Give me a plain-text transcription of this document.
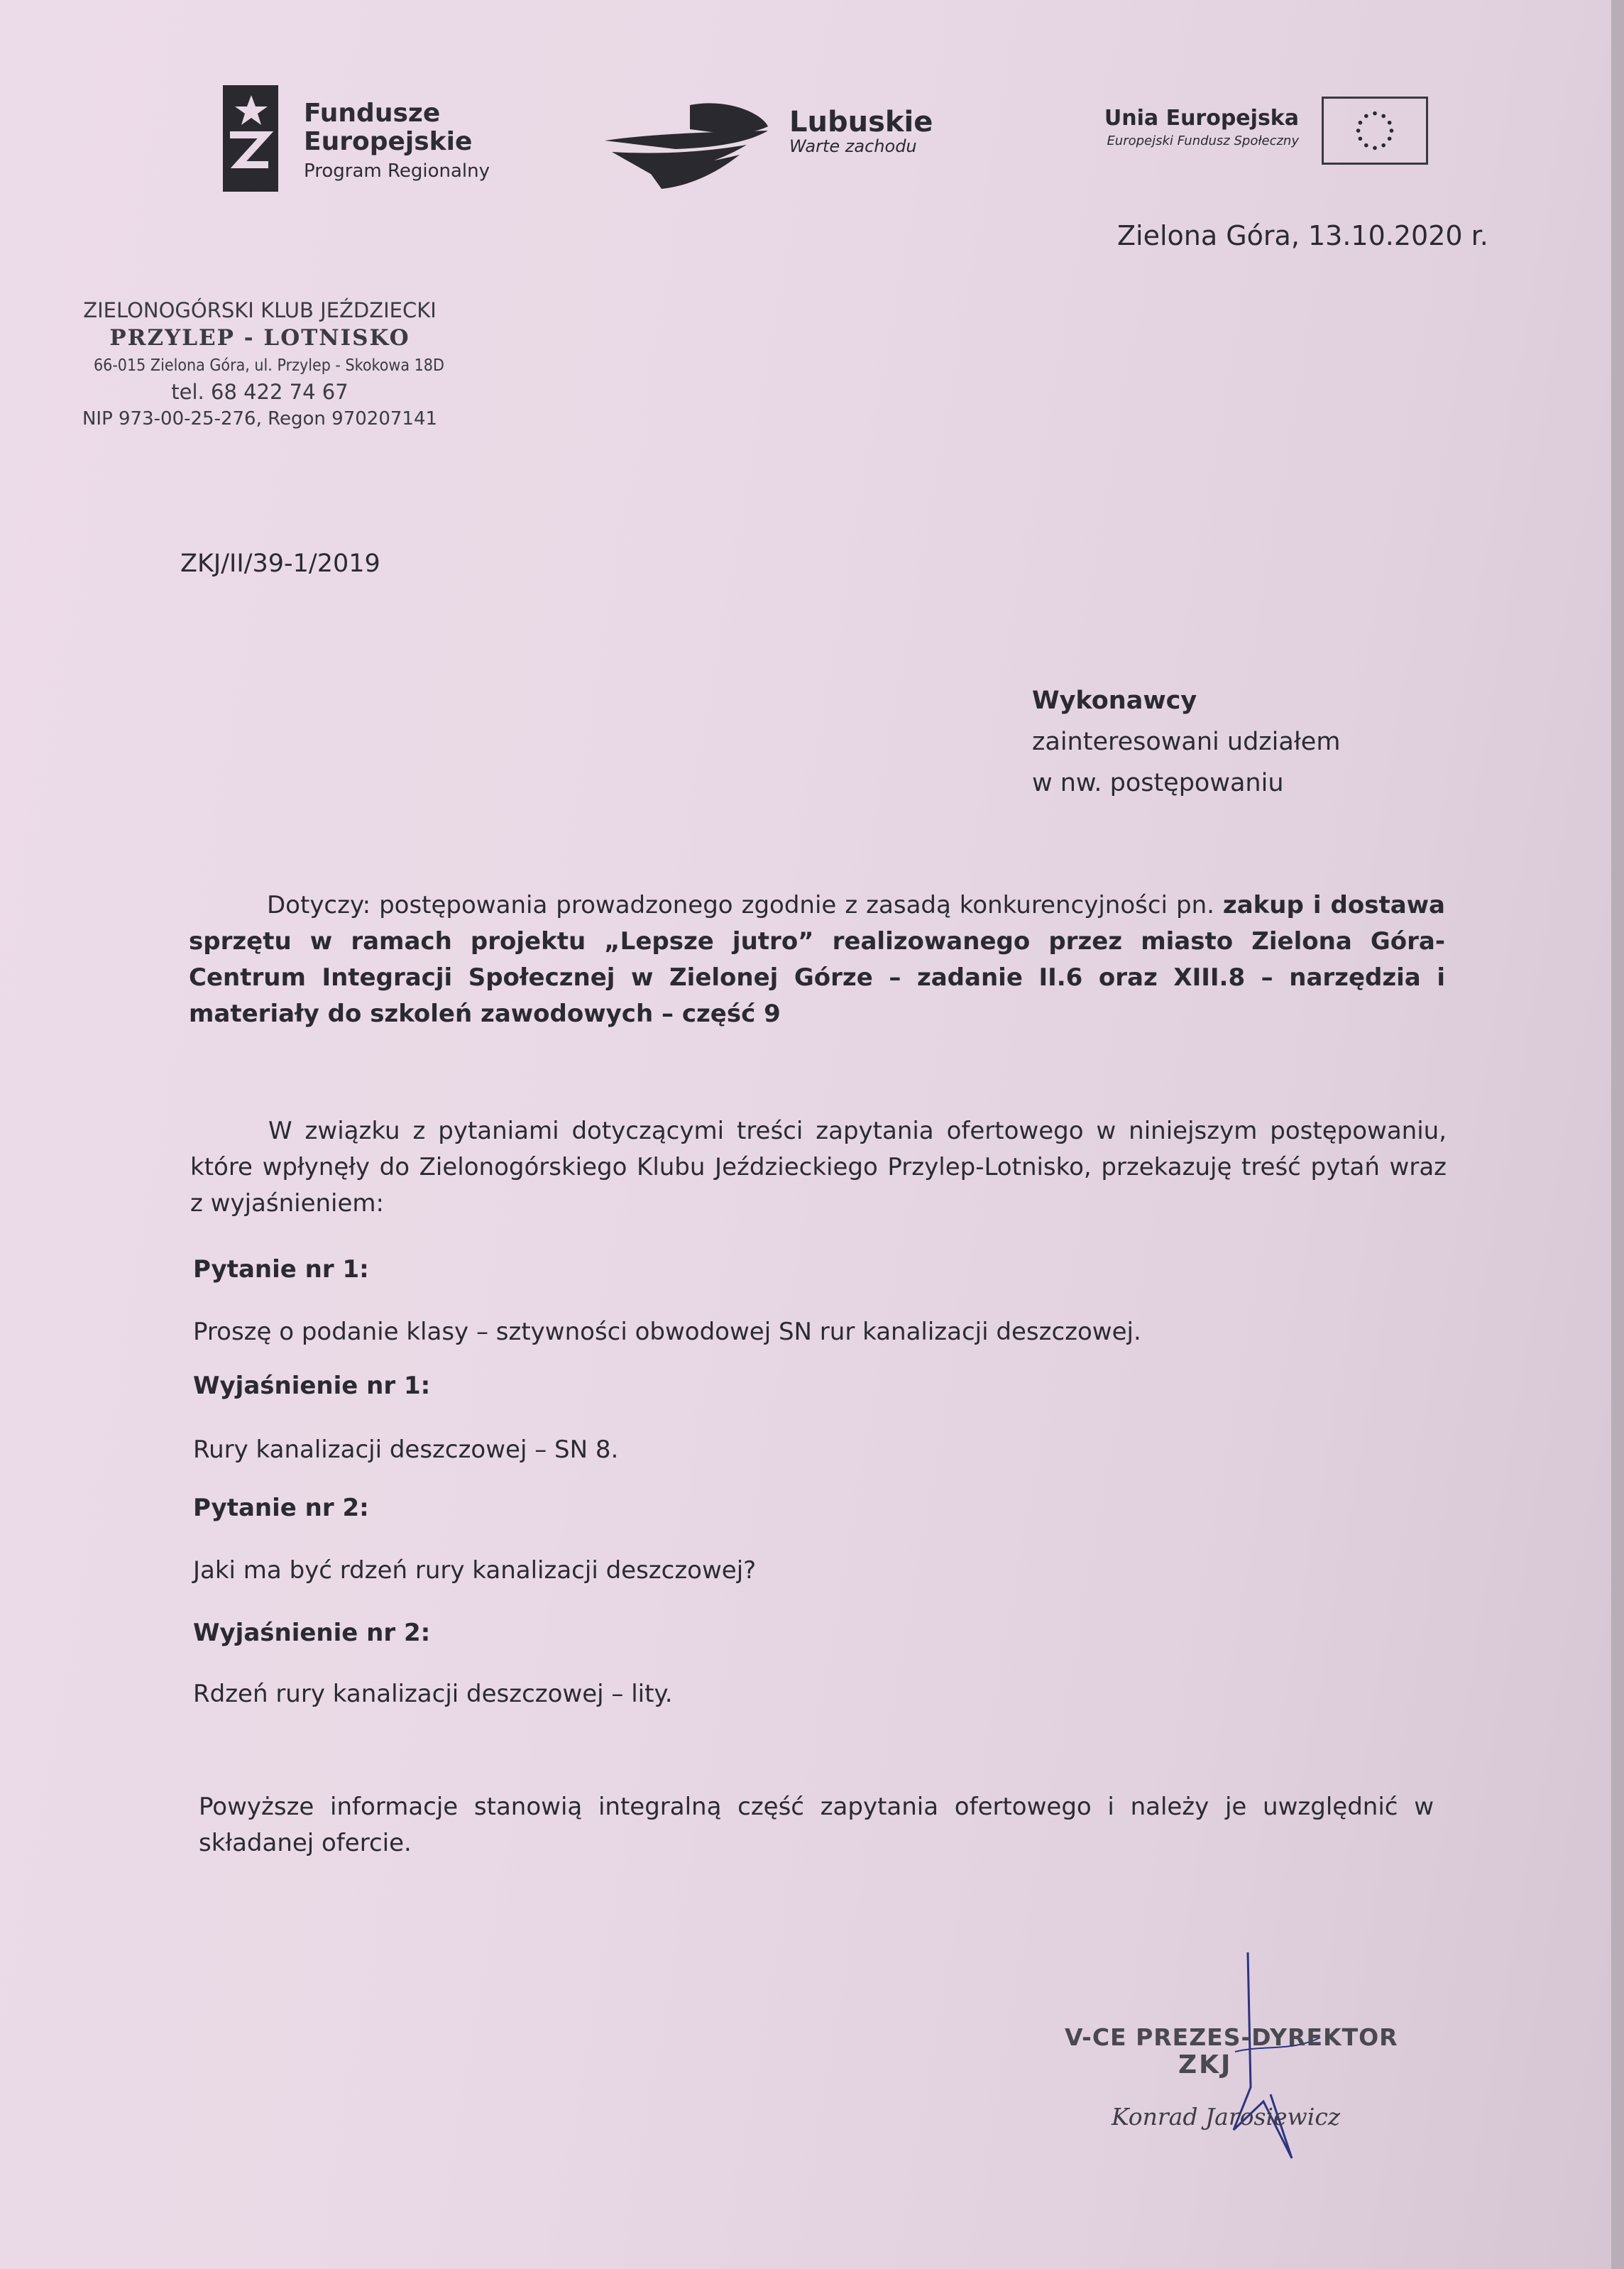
Fundusze
Europejskie
Program Regionalny
Lubuskie
Warte zachodu
Unia Europejska
Europejski Fundusz Społeczny
Zielona Góra, 13.10.2020 r.
ZIELONOGÓRSKI KLUB JEŹDZIECKI
PRZYLEP - LOTNISKO
66-015 Zielona Góra, ul. Przylep - Skokowa 18D
tel. 68 422 74 67
NIP 973-00-25-276, Regon 970207141
ZKJ/II/39-1/2019
Wykonawcy
zainteresowani udziałem
w nw. postępowaniu
Dotyczy: postępowania prowadzonego zgodnie z zasadą konkurencyjności pn. zakup i dostawa sprzętu w ramach projektu „Lepsze jutro” realizowanego przez miasto Zielona Góra-Centrum Integracji Społecznej w Zielonej Górze – zadanie II.6 oraz XIII.8 – narzędzia i materiały do szkoleń zawodowych – część 9
W związku z pytaniami dotyczącymi treści zapytania ofertowego w niniejszym postępowaniu, które wpłynęły do Zielonogórskiego Klubu Jeździeckiego Przylep-Lotnisko, przekazuję treść pytań wraz z wyjaśnieniem:
Pytanie nr 1:
Proszę o podanie klasy – sztywności obwodowej SN rur kanalizacji deszczowej.
Wyjaśnienie nr 1:
Rury kanalizacji deszczowej – SN 8.
Pytanie nr 2:
Jaki ma być rdzeń rury kanalizacji deszczowej?
Wyjaśnienie nr 2:
Rdzeń rury kanalizacji deszczowej – lity.
Powyższe informacje stanowią integralną część zapytania ofertowego i należy je uwzględnić w składanej ofercie.
V-CE PREZES-DYREKTOR
ZKJ
Konrad Jarosiewicz
